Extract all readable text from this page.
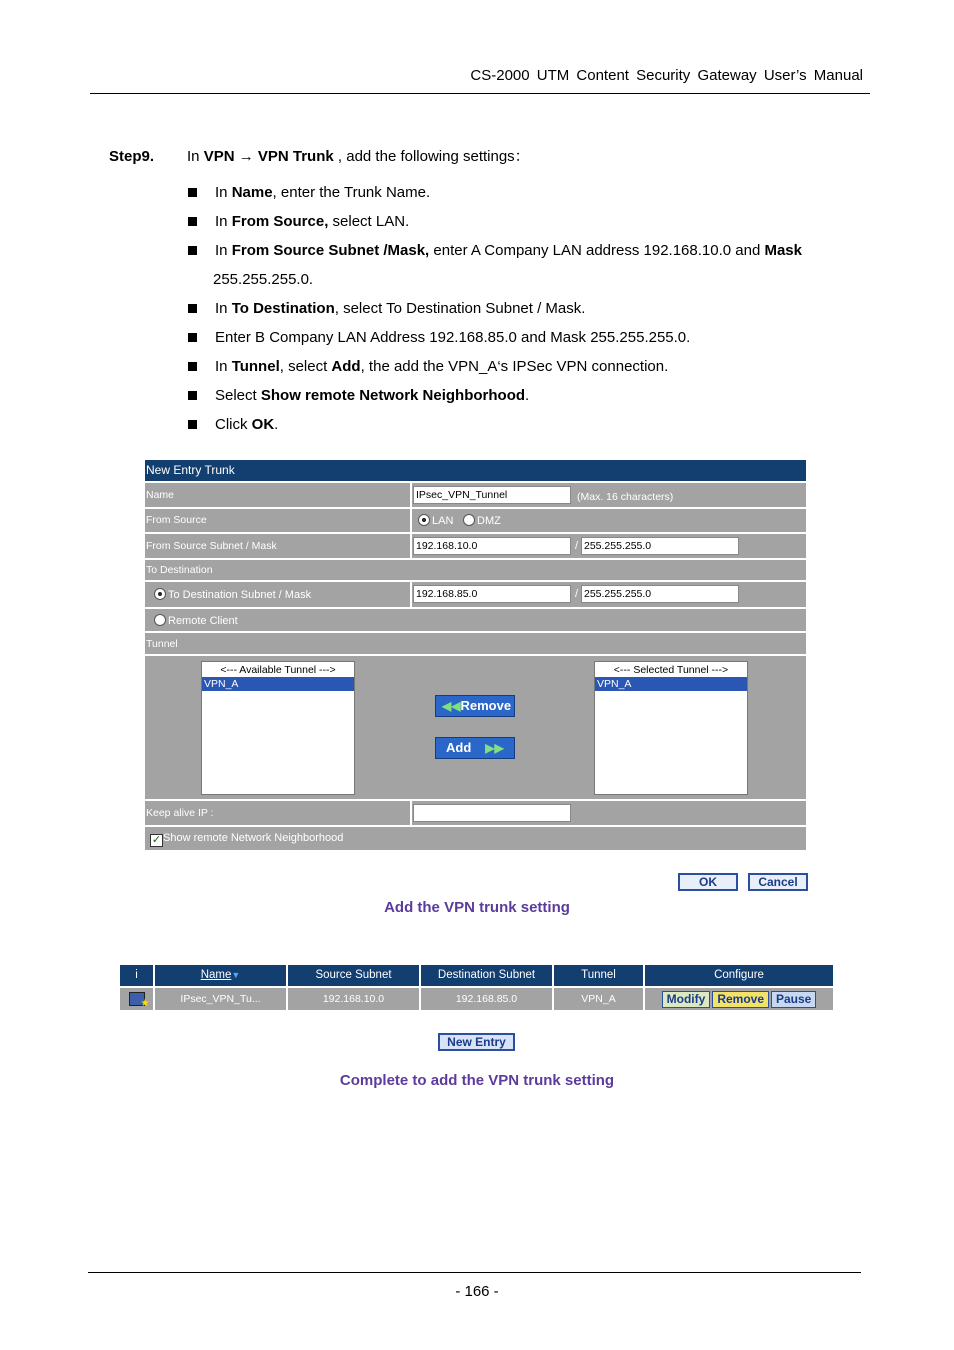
CS-2000 UTM Content Security Gateway User’s Manual
Step9. In VPN → VPN Trunk , add the following settings：
In Name, enter the Trunk Name.
In From Source, select LAN.
In From Source Subnet /Mask, enter A Company LAN address 192.168.10.0 and Mask
255.255.255.0.
In To Destination, select To Destination Subnet / Mask.
Enter B Company LAN Address 192.168.85.0 and Mask 255.255.255.0.
In Tunnel, select Add, the add the VPN_A‘s IPSec VPN connection.
Select Show remote Network Neighborhood.
Click OK.
New Entry Trunk
Name	IPsec_VPN_Tunnel	(Max. 16 characters)
From Source	LAN	DMZ
From Source Subnet / Mask	192.168.10.0	/ 255.255.255.0
To Destination
To Destination Subnet / Mask	192.168.85.0	/ 255.255.255.0
Remote Client
Tunnel
<--- Available Tunnel --->
VPN_A
◀◀Remove
Add ▶▶
<--- Selected Tunnel --->
VPN_A
Keep alive IP :
✓ Show remote Network Neighborhood
OK	Cancel
Add the VPN trunk setting
i	Name▼	Source Subnet	Destination Subnet	Tunnel	Configure
★	IPsec_VPN_Tu...	192.168.10.0	192.168.85.0	VPN_A	Modify Remove Pause
New Entry
Complete to add the VPN trunk setting
- 166 -
